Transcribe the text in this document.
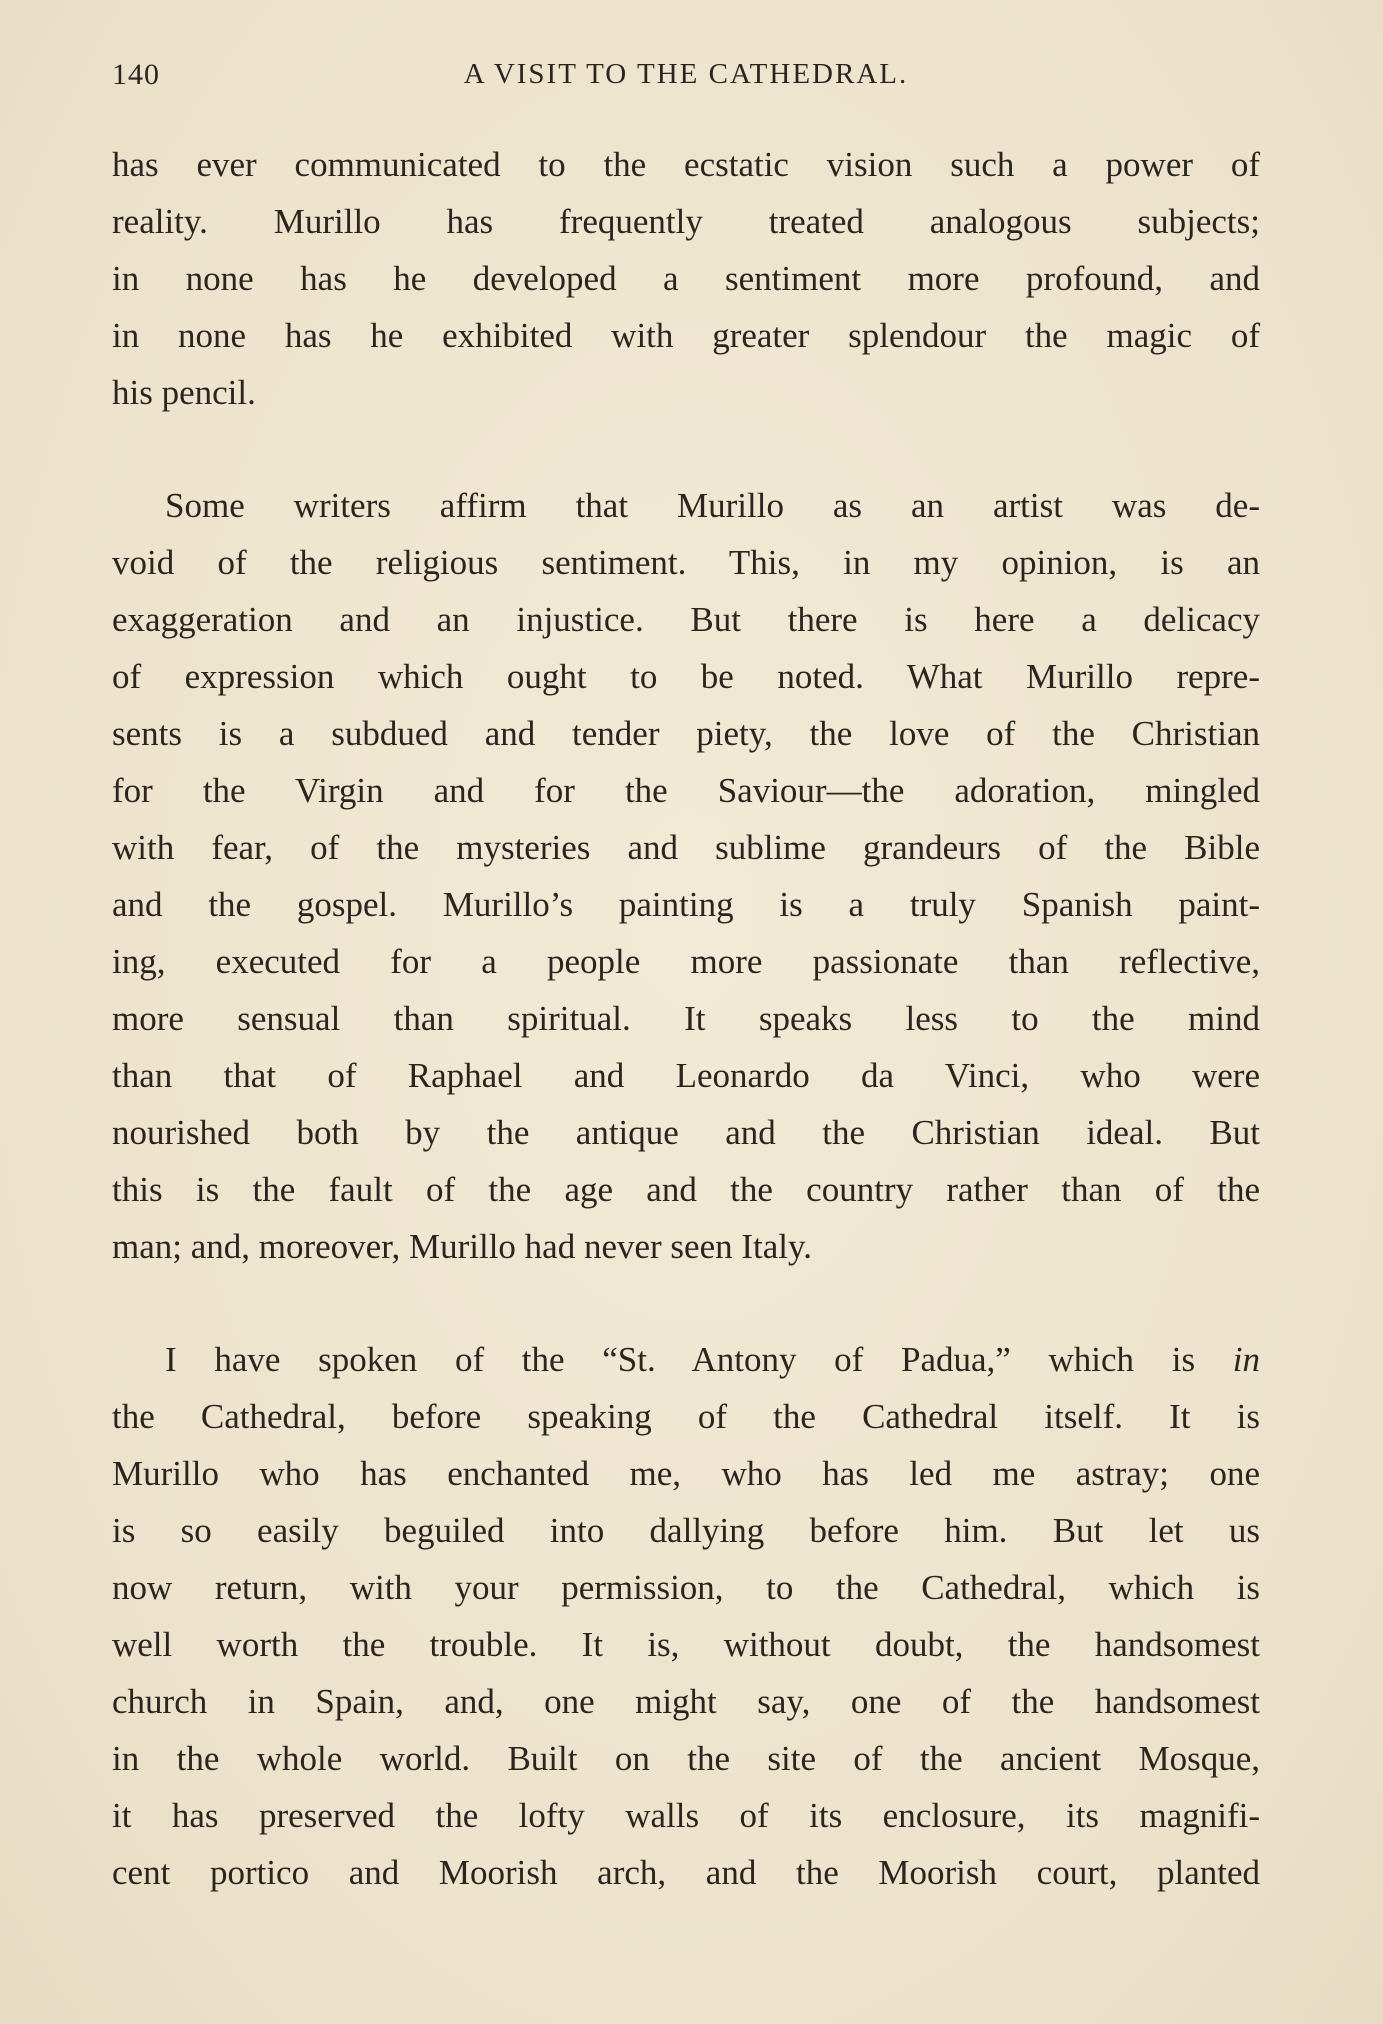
140	A VISIT TO THE CATHEDRAL.
has ever communicated to the ecstatic vision such a power of
reality. Murillo has frequently treated analogous subjects;
in none has he developed a sentiment more profound, and
in none has he exhibited with greater splendour the magic of
his pencil.
Some writers affirm that Murillo as an artist was de-
void of the religious sentiment. This, in my opinion, is an
exaggeration and an injustice. But there is here a delicacy
of expression which ought to be noted. What Murillo repre-
sents is a subdued and tender piety, the love of the Christian
for the Virgin and for the Saviour—the adoration, mingled
with fear, of the mysteries and sublime grandeurs of the Bible
and the gospel. Murillo’s painting is a truly Spanish paint-
ing, executed for a people more passionate than reflective,
more sensual than spiritual. It speaks less to the mind
than that of Raphael and Leonardo da Vinci, who were
nourished both by the antique and the Christian ideal. But
this is the fault of the age and the country rather than of the
man; and, moreover, Murillo had never seen Italy.
I have spoken of the “St. Antony of Padua,” which is in
the Cathedral, before speaking of the Cathedral itself. It is
Murillo who has enchanted me, who has led me astray; one
is so easily beguiled into dallying before him. But let us
now return, with your permission, to the Cathedral, which is
well worth the trouble. It is, without doubt, the handsomest
church in Spain, and, one might say, one of the handsomest
in the whole world. Built on the site of the ancient Mosque,
it has preserved the lofty walls of its enclosure, its magnifi-
cent portico and Moorish arch, and the Moorish court, planted
